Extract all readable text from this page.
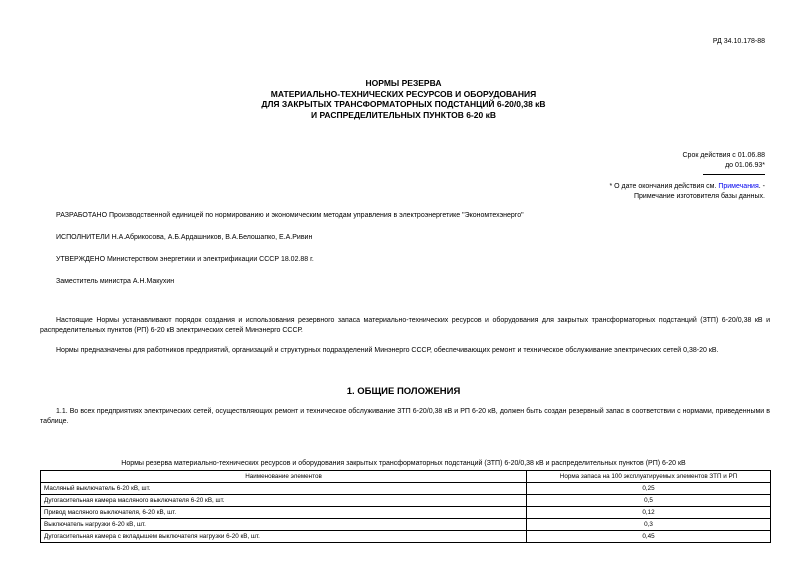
РД 34.10.178-88
НОРМЫ РЕЗЕРВА
МАТЕРИАЛЬНО-ТЕХНИЧЕСКИХ РЕСУРСОВ И ОБОРУДОВАНИЯ
ДЛЯ ЗАКРЫТЫХ ТРАНСФОРМАТОРНЫХ ПОДСТАНЦИЙ 6-20/0,38 кВ
И РАСПРЕДЕЛИТЕЛЬНЫХ ПУНКТОВ 6-20 кВ
Срок действия с 01.06.88
до 01.06.93*
* О дате окончания действия см. Примечания. -
Примечание изготовителя базы данных.
РАЗРАБОТАНО Производственной единицей по нормированию и экономическим методам управления в электроэнергетике "Экономтехэнерго"
ИСПОЛНИТЕЛИ Н.А.Абрикосова, А.Б.Ардашников, В.А.Белошапко, Е.А.Ривин
УТВЕРЖДЕНО Министерством энергетики и электрификации СССР 18.02.88 г.
Заместитель министра А.Н.Макухин
Настоящие Нормы устанавливают порядок создания и использования резервного запаса материально-технических ресурсов и оборудования для закрытых трансформаторных подстанций (ЗТП) 6-20/0,38 кВ и распределительных пунктов (РП) 6-20 кВ электрических сетей Минэнерго СССР.
Нормы предназначены для работников предприятий, организаций и структурных подразделений Минэнерго СССР, обеспечивающих ремонт и техническое обслуживание электрических сетей 0,38-20 кВ.
1. ОБЩИЕ ПОЛОЖЕНИЯ
1.1. Во всех предприятиях электрических сетей, осуществляющих ремонт и техническое обслуживание ЗТП 6-20/0,38 кВ и РП 6-20 кВ, должен быть создан резервный запас в соответствии с нормами, приведенными в таблице.
Нормы резерва материально-технических ресурсов и оборудования закрытых трансформаторных подстанций (ЗТП) 6-20/0,38 кВ и распределительных пунктов (РП) 6-20 кВ
Наименование элементов	Норма запаса на 100 эксплуатируемых элементов ЗТП и РП
Масляный выключатель 6-20 кВ, шт.	0,25
Дугогасительная камера масляного выключателя 6-20 кВ, шт.	0,5
Привод масляного выключателя, 6-20 кВ, шт.	0,12
Выключатель нагрузки 6-20 кВ, шт.	0,3
Дугогасительная камера с вкладышем выключателя нагрузки 6-20 кВ, шт.	0,45
